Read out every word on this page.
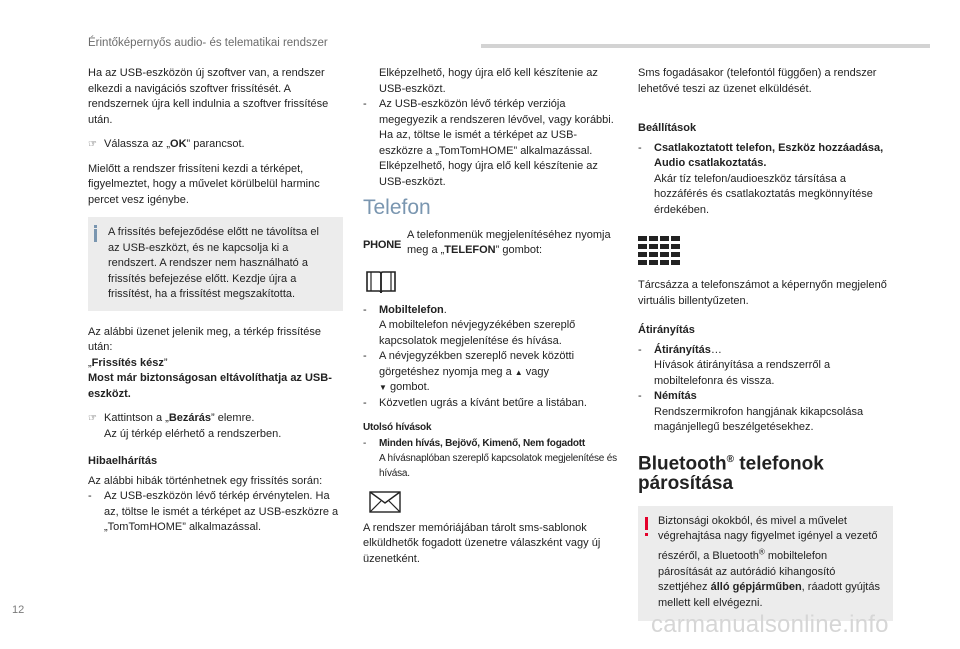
Érintőképernyős audio- és telematikai rendszer

Ha az USB-eszközön új szoftver van, a rendszer elkezdi a navigációs szoftver frissítését. A rendszernek újra kell indulnia a szoftver frissítése után.

☞ Válassza az „OK” parancsot.

Mielőtt a rendszer frissíteni kezdi a térképet, figyelmeztet, hogy a művelet körülbelül harminc percet vesz igénybe.

A frissítés befejeződése előtt ne távolítsa el az USB-eszközt, és ne kapcsolja ki a rendszert. A rendszer nem használható a frissítés befejezése előtt. Kezdje újra a frissítést, ha a frissítést megszakította.

Az alábbi üzenet jelenik meg, a térkép frissítése után:

„Frissítés kész”
Most már biztonságosan eltávolíthatja az USB-eszközt.
☞ Kattintson a „Bezárás” elemre.
Az új térkép elérhető a rendszerben.
Hibaelhárítás

Az alábbi hibák történhetnek egy frissítés során:

-	Az USB-eszközön lévő térkép érvénytelen. Ha az, töltse le ismét a térképet az USB-eszközre a „TomTomHOME” alkalmazással.
Elképzelhető, hogy újra elő kell készítenie az USB-eszközt.
-	Az USB-eszközön lévő térkép verziója megegyezik a rendszeren lévővel, vagy korábbi. Ha az, töltse le ismét a térképet az USB-eszközre a „TomTomHOME” alkalmazással.
Elképzelhető, hogy újra elő kell készítenie az USB-eszközt.
Telefon
PHONE
A telefonmenük megjelenítéséhez nyomja meg a „TELEFON” gombot:
-	Mobiltelefon.
A mobiltelefon névjegyzékében szereplő kapcsolatok megjelenítése és hívása.
-	A névjegyzékben szereplő nevek közötti görgetéshez nyomja meg a ▲ vagy
▼ gombot.
-	Közvetlen ugrás a kívánt betűre a listában.
Utolsó hívások
-	Minden hívás, Bejövő, Kimenő, Nem fogadott
A hívásnaplóban szereplő kapcsolatok megjelenítése és hívása.

A rendszer memóriájában tárolt sms-sablonok elküldhetők fogadott üzenetre válaszként vagy új üzenetként.

Sms fogadásakor (telefontól függően) a rendszer lehetővé teszi az üzenet elküldését.

Beállítások
-	Csatlakoztatott telefon, Eszköz hozzáadása, Audio csatlakoztatás.
Akár tíz telefon/audioeszköz társítása a hozzáférés és csatlakoztatás megkönnyítése érdekében.

Tárcsázza a telefonszámot a képernyőn megjelenő virtuális billentyűzeten.

Átirányítás
-	Átirányítás…
Hívások átirányítása a rendszerről a mobiltelefonra és vissza.
-	Némítás
Rendszermikrofon hangjának kikapcsolása magánjellegű beszélgetésekhez.
Bluetooth® telefonok
párosítása
Biztonsági okokból, és mivel a művelet végrehajtása nagy figyelmet igényel a vezető részéről, a Bluetooth® mobiltelefon párosítását az autórádió kihangosító szettjéhez álló gépjárműben, ráadott gyújtás mellett kell elvégezni.
12
carmanualsonline.info
